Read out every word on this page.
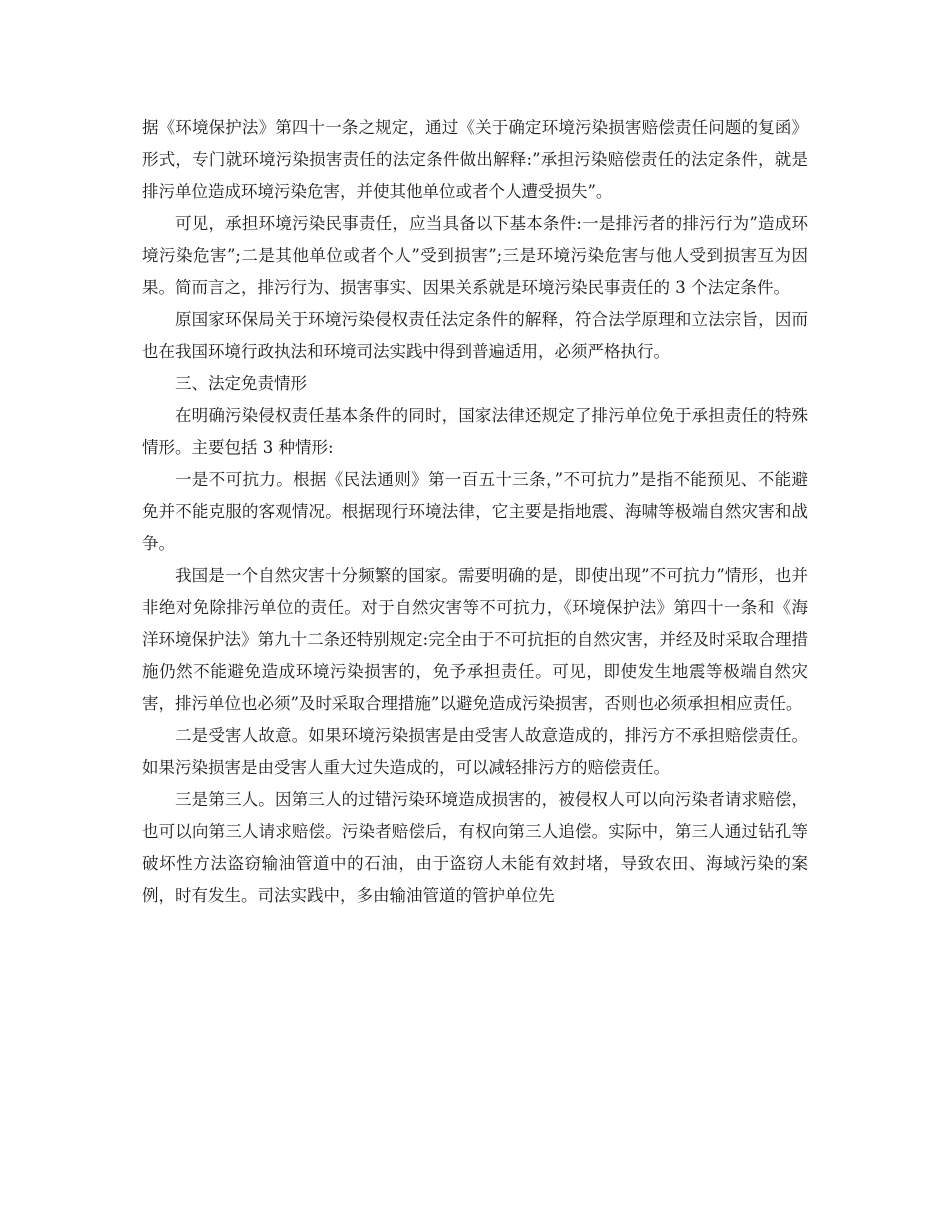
据《环境保护法》第四十一条之规定，通过《关于确定环境污染损害赔偿责任问题的复函》形式，专门就环境污染损害责任的法定条件做出解释:”承担污染赔偿责任的法定条件，就是排污单位造成环境污染危害，并使其他单位或者个人遭受损失”。

可见，承担环境污染民事责任，应当具备以下基本条件:一是排污者的排污行为”造成环境污染危害”;二是其他单位或者个人”受到损害”;三是环境污染危害与他人受到损害互为因果。简而言之，排污行为、损害事实、因果关系就是环境污染民事责任的 3 个法定条件。

原国家环保局关于环境污染侵权责任法定条件的解释，符合法学原理和立法宗旨，因而也在我国环境行政执法和环境司法实践中得到普遍适用，必须严格执行。

三、法定免责情形

在明确污染侵权责任基本条件的同时，国家法律还规定了排污单位免于承担责任的特殊情形。主要包括 3 种情形:

一是不可抗力。根据《民法通则》第一百五十三条，”不可抗力”是指不能预见、不能避免并不能克服的客观情况。根据现行环境法律，它主要是指地震、海啸等极端自然灾害和战争。

我国是一个自然灾害十分频繁的国家。需要明确的是，即使出现”不可抗力”情形，也并非绝对免除排污单位的责任。对于自然灾害等不可抗力，《环境保护法》第四十一条和《海洋环境保护法》第九十二条还特别规定:完全由于不可抗拒的自然灾害，并经及时采取合理措施仍然不能避免造成环境污染损害的，免予承担责任。可见，即使发生地震等极端自然灾害，排污单位也必须”及时采取合理措施”以避免造成污染损害，否则也必须承担相应责任。

二是受害人故意。如果环境污染损害是由受害人故意造成的，排污方不承担赔偿责任。如果污染损害是由受害人重大过失造成的，可以减轻排污方的赔偿责任。

三是第三人。因第三人的过错污染环境造成损害的，被侵权人可以向污染者请求赔偿，也可以向第三人请求赔偿。污染者赔偿后，有权向第三人追偿。实际中，第三人通过钻孔等破坏性方法盗窃输油管道中的石油，由于盗窃人未能有效封堵，导致农田、海域污染的案例，时有发生。司法实践中，多由输油管道的管护单位先
